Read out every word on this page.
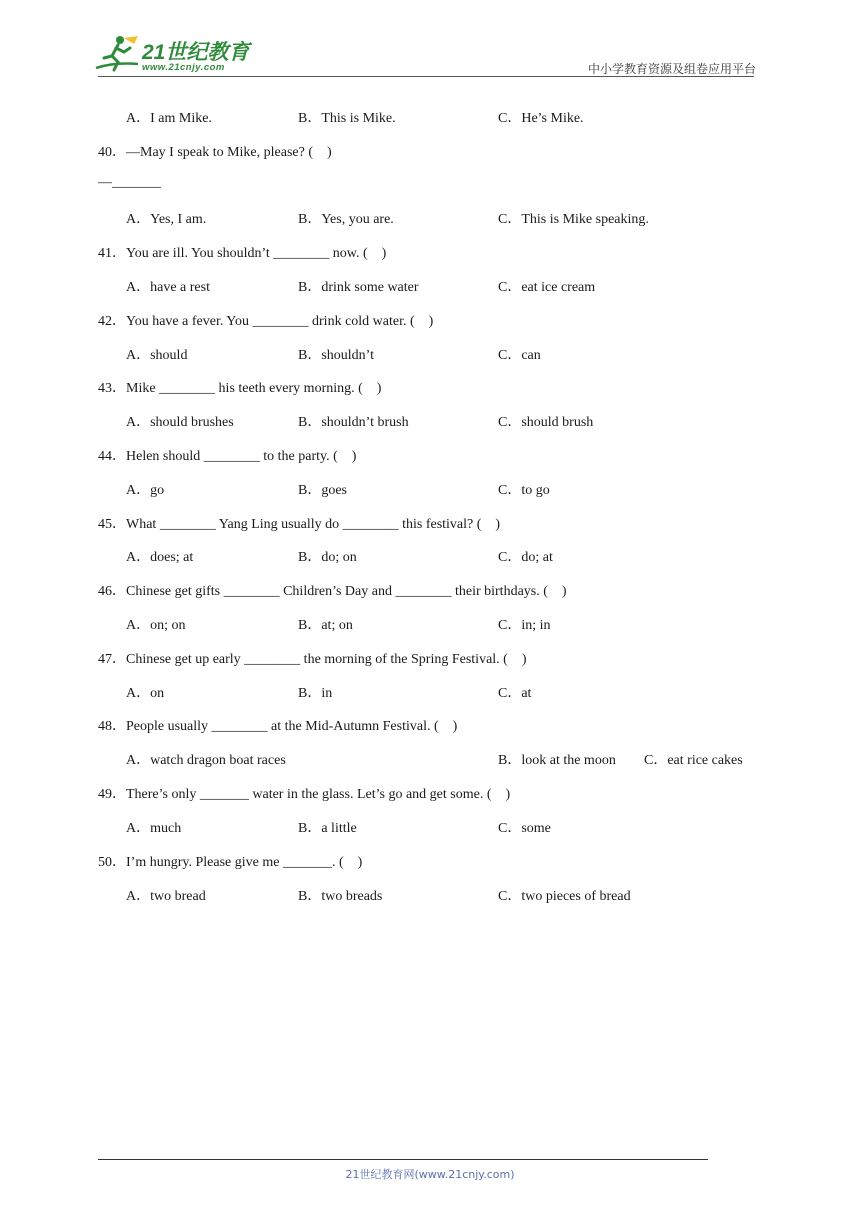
21世纪教育
www.21cnjy.com	中小学教育资源及组卷应用平台
A．I am Mike.	B．This is Mike.	C．He’s Mike.
40．—May I speak to Mike, please? (　)
—_______
A．Yes, I am.	B．Yes, you are.	C．This is Mike speaking.
41．You are ill. You shouldn’t ________ now. (　)
A．have a rest	B．drink some water	C．eat ice cream
42．You have a fever. You ________ drink cold water. (　)
A．should	B．shouldn’t	C．can
43．Mike ________ his teeth every morning. (　)
A．should brushes	B．shouldn’t brush	C．should brush
44．Helen should ________ to the party. (　)
A．go	B．goes	C．to go
45．What ________ Yang Ling usually do ________ this festival? (　)
A．does; at	B．do; on	C．do; at
46．Chinese get gifts ________ Children’s Day and ________ their birthdays. (　)
A．on; on	B．at; on	C．in; in
47．Chinese get up early ________ the morning of the Spring Festival. (　)
A．on	B．in	C．at
48．People usually ________ at the Mid-Autumn Festival. (　)
A．watch dragon boat races	B．look at the moon C．eat rice cakes
49．There’s only _______ water in the glass. Let’s go and get some. (　)
A．much	B．a little	C．some
50．I’m hungry. Please give me _______. (　)
A．two bread	B．two breads	C．two pieces of bread
21世纪教育网(www.21cnjy.com)
